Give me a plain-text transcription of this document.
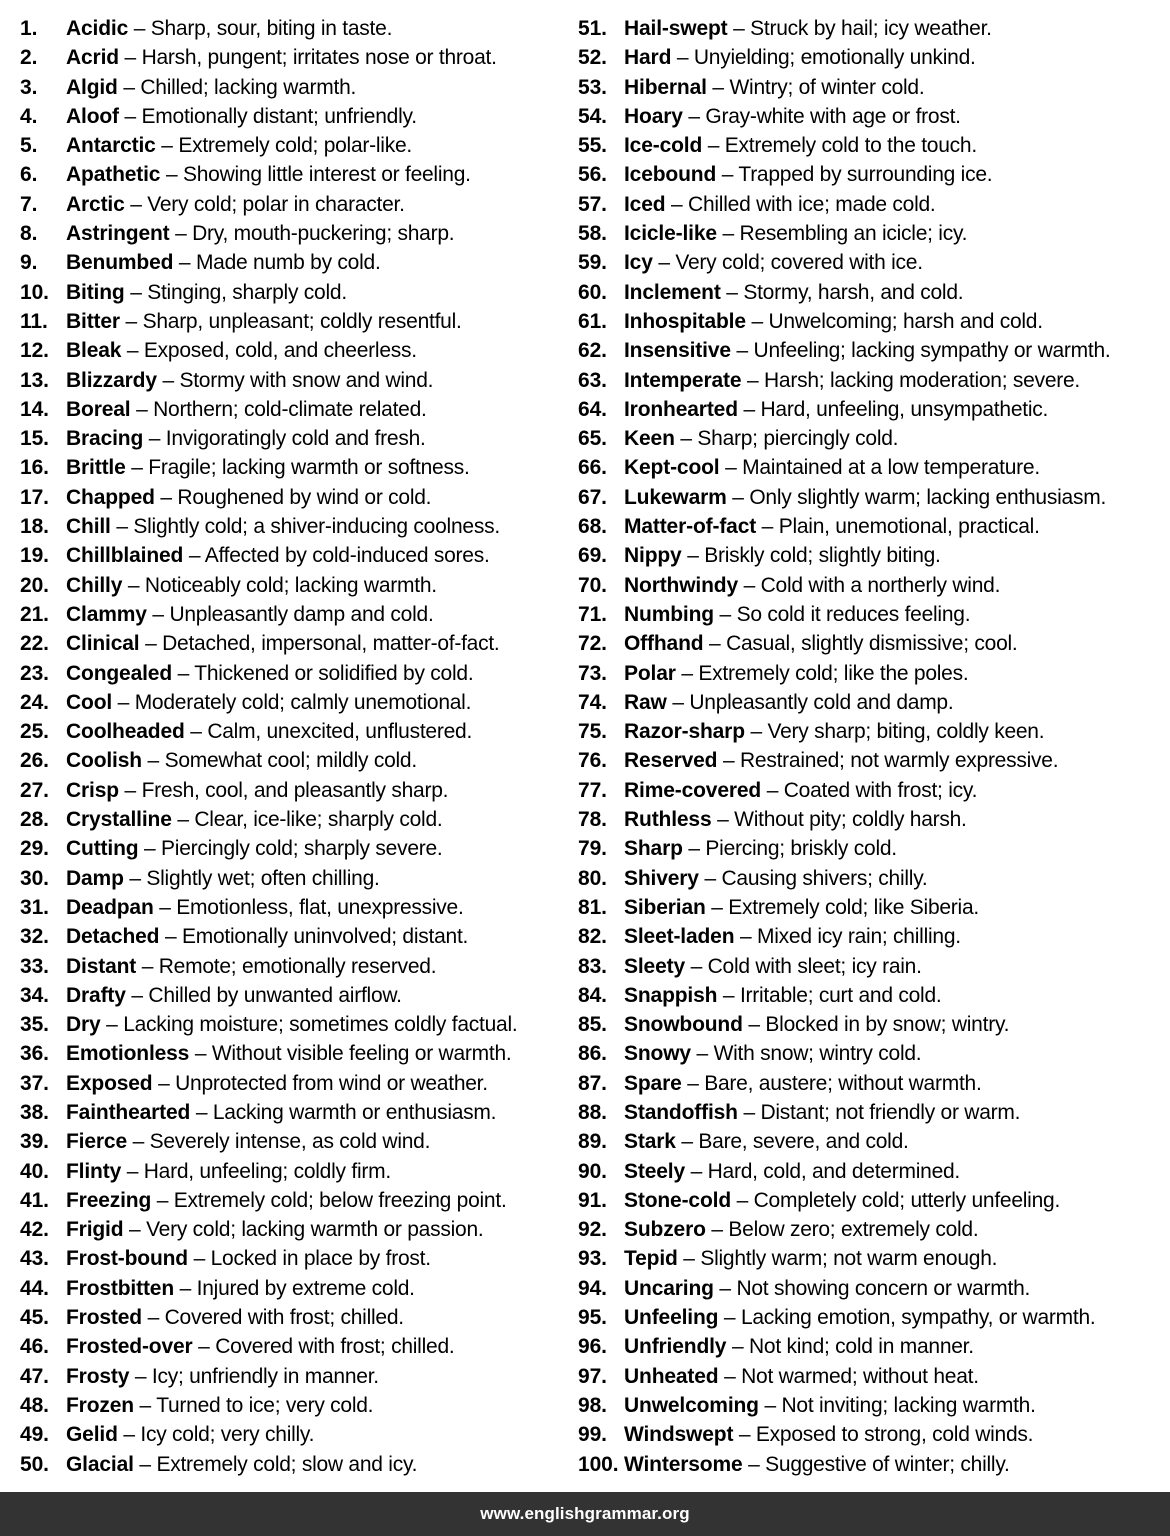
1.	Acidic – Sharp, sour, biting in taste.
2.	Acrid – Harsh, pungent; irritates nose or throat.
3.	Algid – Chilled; lacking warmth.
4.	Aloof – Emotionally distant; unfriendly.
5.	Antarctic – Extremely cold; polar-like.
6.	Apathetic – Showing little interest or feeling.
7.	Arctic – Very cold; polar in character.
8.	Astringent – Dry, mouth-puckering; sharp.
9.	Benumbed – Made numb by cold.
10. Biting – Stinging, sharply cold.
11. Bitter – Sharp, unpleasant; coldly resentful.
12. Bleak – Exposed, cold, and cheerless.
13. Blizzardy – Stormy with snow and wind.
14. Boreal – Northern; cold-climate related.
15. Bracing – Invigoratingly cold and fresh.
16. Brittle – Fragile; lacking warmth or softness.
17. Chapped – Roughened by wind or cold.
18. Chill – Slightly cold; a shiver-inducing coolness.
19. Chillblained – Affected by cold-induced sores.
20. Chilly – Noticeably cold; lacking warmth.
21. Clammy – Unpleasantly damp and cold.
22. Clinical – Detached, impersonal, matter-of-fact.
23. Congealed – Thickened or solidified by cold.
24. Cool – Moderately cold; calmly unemotional.
25. Coolheaded – Calm, unexcited, unflustered.
26. Coolish – Somewhat cool; mildly cold.
27. Crisp – Fresh, cool, and pleasantly sharp.
28. Crystalline – Clear, ice-like; sharply cold.
29. Cutting – Piercingly cold; sharply severe.
30. Damp – Slightly wet; often chilling.
31. Deadpan – Emotionless, flat, unexpressive.
32. Detached – Emotionally uninvolved; distant.
33. Distant – Remote; emotionally reserved.
34. Drafty – Chilled by unwanted airflow.
35. Dry – Lacking moisture; sometimes coldly factual.
36. Emotionless – Without visible feeling or warmth.
37. Exposed – Unprotected from wind or weather.
38. Fainthearted – Lacking warmth or enthusiasm.
39. Fierce – Severely intense, as cold wind.
40. Flinty – Hard, unfeeling; coldly firm.
41. Freezing – Extremely cold; below freezing point.
42. Frigid – Very cold; lacking warmth or passion.
43. Frost-bound – Locked in place by frost.
44. Frostbitten – Injured by extreme cold.
45. Frosted – Covered with frost; chilled.
46. Frosted-over – Covered with frost; chilled.
47. Frosty – Icy; unfriendly in manner.
48. Frozen – Turned to ice; very cold.
49. Gelid – Icy cold; very chilly.
50. Glacial – Extremely cold; slow and icy.
51. Hail-swept – Struck by hail; icy weather.
52. Hard – Unyielding; emotionally unkind.
53. Hibernal – Wintry; of winter cold.
54. Hoary – Gray-white with age or frost.
55. Ice-cold – Extremely cold to the touch.
56. Icebound – Trapped by surrounding ice.
57. Iced – Chilled with ice; made cold.
58. Icicle-like – Resembling an icicle; icy.
59. Icy – Very cold; covered with ice.
60. Inclement – Stormy, harsh, and cold.
61. Inhospitable – Unwelcoming; harsh and cold.
62. Insensitive – Unfeeling; lacking sympathy or warmth.
63. Intemperate – Harsh; lacking moderation; severe.
64. Ironhearted – Hard, unfeeling, unsympathetic.
65. Keen – Sharp; piercingly cold.
66. Kept-cool – Maintained at a low temperature.
67. Lukewarm – Only slightly warm; lacking enthusiasm.
68. Matter-of-fact – Plain, unemotional, practical.
69. Nippy – Briskly cold; slightly biting.
70. Northwindy – Cold with a northerly wind.
71. Numbing – So cold it reduces feeling.
72. Offhand – Casual, slightly dismissive; cool.
73. Polar – Extremely cold; like the poles.
74. Raw – Unpleasantly cold and damp.
75. Razor-sharp – Very sharp; biting, coldly keen.
76. Reserved – Restrained; not warmly expressive.
77. Rime-covered – Coated with frost; icy.
78. Ruthless – Without pity; coldly harsh.
79. Sharp – Piercing; briskly cold.
80. Shivery – Causing shivers; chilly.
81. Siberian – Extremely cold; like Siberia.
82. Sleet-laden – Mixed icy rain; chilling.
83. Sleety – Cold with sleet; icy rain.
84. Snappish – Irritable; curt and cold.
85. Snowbound – Blocked in by snow; wintry.
86. Snowy – With snow; wintry cold.
87. Spare – Bare, austere; without warmth.
88. Standoffish – Distant; not friendly or warm.
89. Stark – Bare, severe, and cold.
90. Steely – Hard, cold, and determined.
91. Stone-cold – Completely cold; utterly unfeeling.
92. Subzero – Below zero; extremely cold.
93. Tepid – Slightly warm; not warm enough.
94. Uncaring – Not showing concern or warmth.
95. Unfeeling – Lacking emotion, sympathy, or warmth.
96. Unfriendly – Not kind; cold in manner.
97. Unheated – Not warmed; without heat.
98. Unwelcoming – Not inviting; lacking warmth.
99. Windswept – Exposed to strong, cold winds.
100. Wintersome – Suggestive of winter; chilly.
www.englishgrammar.org
